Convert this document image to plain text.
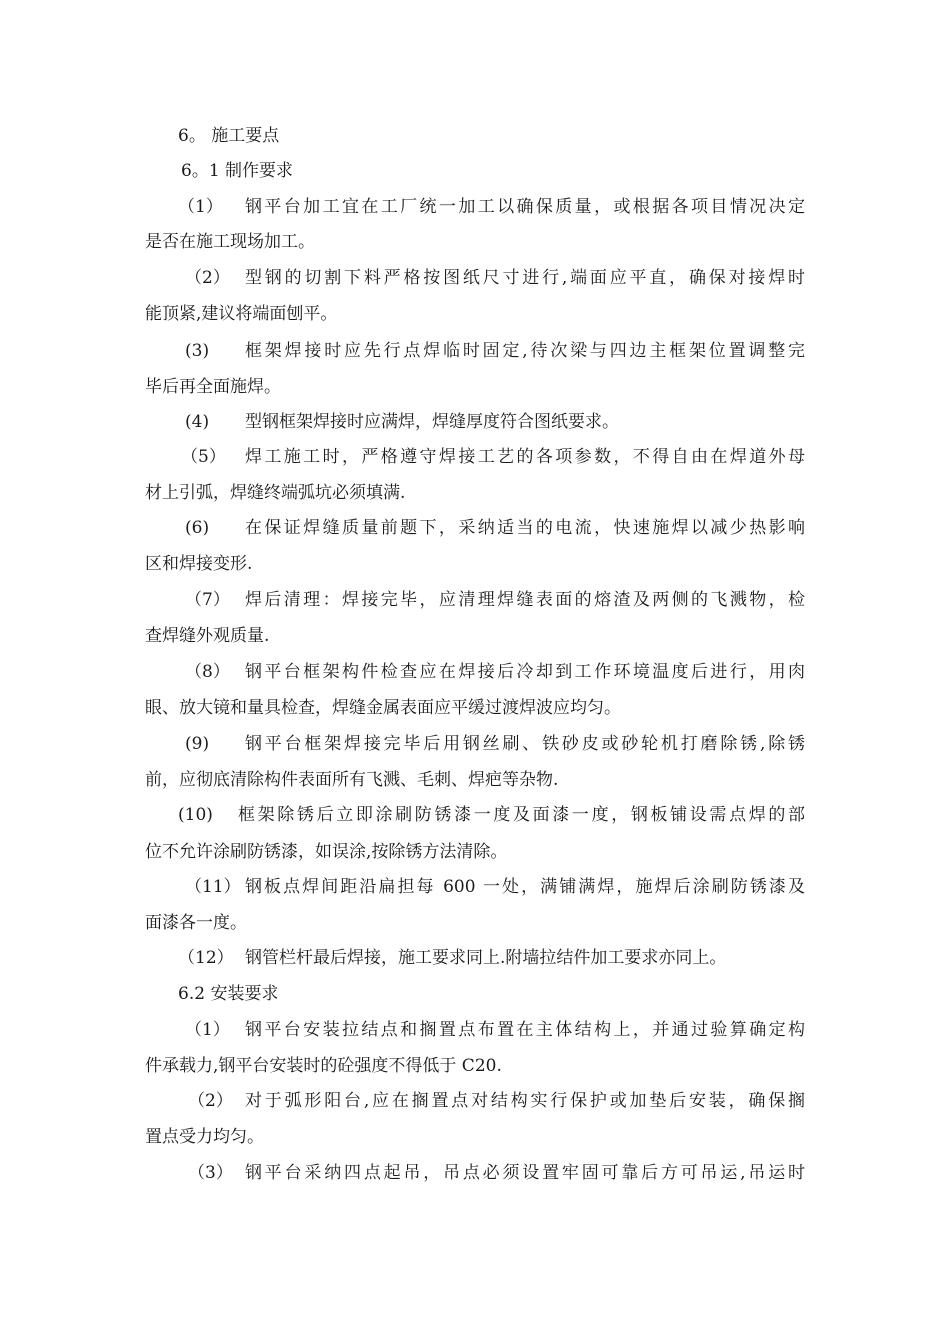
6。 施工要点
6。1 制作要求
（1） 钢平台加工宜在工厂统一加工以确保质量，或根据各项目情况决定
是否在施工现场加工。
（2） 型钢的切割下料严格按图纸尺寸进行,端面应平直，确保对接焊时
能顶紧,建议将端面刨平。
(3) 框架焊接时应先行点焊临时固定,待次梁与四边主框架位置调整完
毕后再全面施焊。
(4) 型钢框架焊接时应满焊，焊缝厚度符合图纸要求。
（5） 焊工施工时，严格遵守焊接工艺的各项参数，不得自由在焊道外母
材上引弧，焊缝终端弧坑必须填满.
(6) 在保证焊缝质量前题下，采纳适当的电流，快速施焊以减少热影响
区和焊接变形.
（7） 焊后清理：焊接完毕，应清理焊缝表面的熔渣及两侧的飞溅物，检
查焊缝外观质量.
（8） 钢平台框架构件检查应在焊接后冷却到工作环境温度后进行，用肉
眼、放大镜和量具检查，焊缝金属表面应平缓过渡焊波应均匀。
(9) 钢平台框架焊接完毕后用钢丝刷、铁砂皮或砂轮机打磨除锈,除锈
前，应彻底清除构件表面所有飞溅、毛刺、焊疤等杂物.
(10) 框架除锈后立即涂刷防锈漆一度及面漆一度，钢板铺设需点焊的部
位不允许涂刷防锈漆，如误涂,按除锈方法清除。
（11） 钢板点焊间距沿扁担每 600 一处，满铺满焊，施焊后涂刷防锈漆及
面漆各一度。
（12） 钢管栏杆最后焊接，施工要求同上.附墙拉结件加工要求亦同上。
6.2 安装要求
（1） 钢平台安装拉结点和搁置点布置在主体结构上，并通过验算确定构
件承载力,钢平台安装时的砼强度不得低于 C20.
（2） 对于弧形阳台,应在搁置点对结构实行保护或加垫后安装，确保搁
置点受力均匀。
（3） 钢平台采纳四点起吊，吊点必须设置牢固可靠后方可吊运,吊运时
